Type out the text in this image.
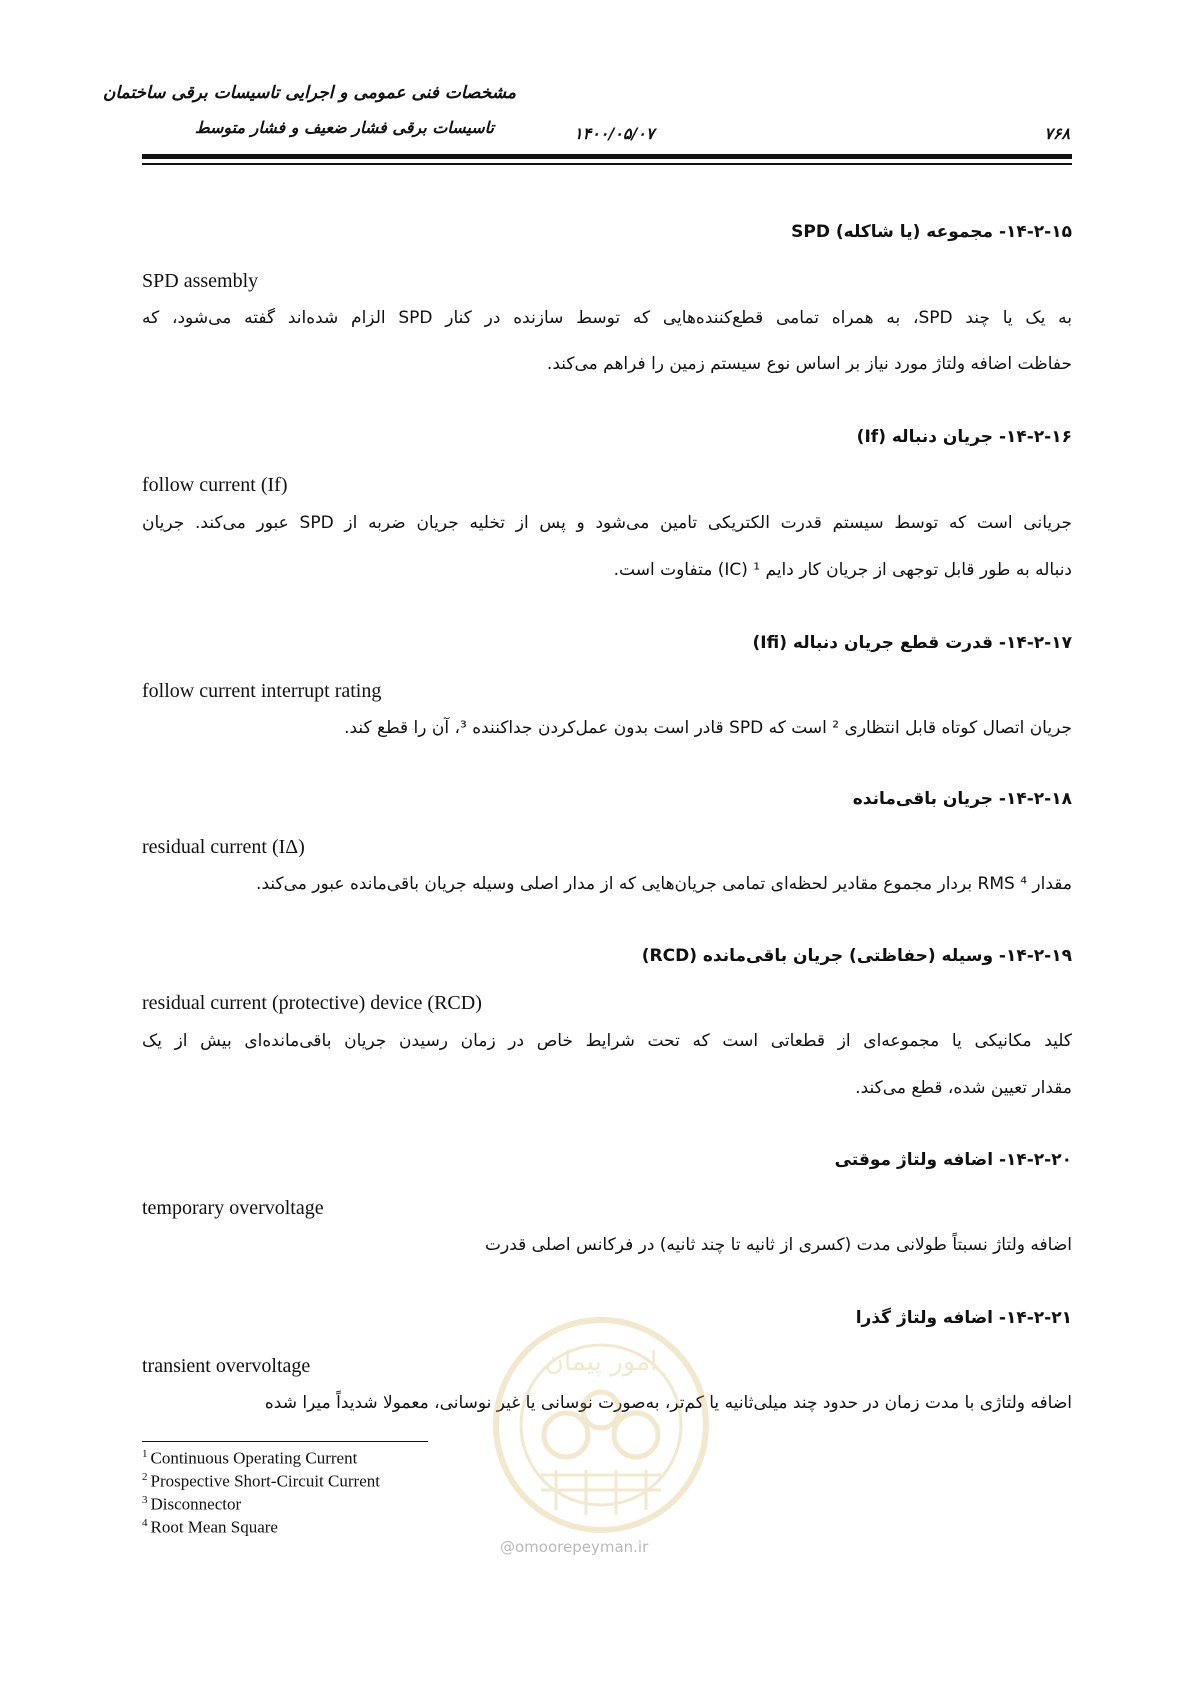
مشخصات فنی عمومی و اجرایی تاسیسات برقی ساختمان
تاسیسات برقی فشار ضعیف و فشار متوسط	۱۴۰۰/۰۵/۰۷	۷۶۸
۱۴-۲-۱۵- مجموعه (یا شاکله) SPD
SPD assembly
به یک یا چند SPD، به همراه تمامی قطع‌کننده‌هایی که توسط سازنده در کنار SPD الزام شده‌اند گفته می‌شود، که
حفاظت اضافه ولتاژ مورد نیاز بر اساس نوع سیستم زمین را فراهم می‌کند.
۱۴-۲-۱۶- جریان دنباله (If)
follow current (If)
جریانی است که توسط سیستم قدرت الکتریکی تامین می‌شود و پس از تخلیه جریان ضربه از SPD عبور می‌کند. جریان
دنباله به طور قابل توجهی از جریان کار دایم ¹ (IC) متفاوت است.
۱۴-۲-۱۷- قدرت قطع جریان دنباله (Ifi)
follow current interrupt rating
جریان اتصال کوتاه قابل انتظاری ² است که SPD قادر است بدون عمل‌کردن جداکننده ³، آن را قطع کند.
۱۴-۲-۱۸- جریان باقی‌مانده
residual current (IΔ)
مقدار RMS ⁴ بردار مجموع مقادیر لحظه‌ای تمامی جریان‌هایی که از مدار اصلی وسیله جریان باقی‌مانده عبور می‌کند.
۱۴-۲-۱۹- وسیله (حفاظتی) جریان باقی‌مانده (RCD)
residual current (protective) device (RCD)
کلید مکانیکی یا مجموعه‌ای از قطعاتی است که تحت شرایط خاص در زمان رسیدن جریان باقی‌مانده‌ای بیش از یک
مقدار تعیین شده، قطع می‌کند.
۱۴-۲-۲۰- اضافه ولتاژ موقتی
temporary overvoltage
اضافه ولتاژ نسبتاً طولانی مدت (کسری از ثانیه تا چند ثانیه) در فرکانس اصلی قدرت
۱۴-۲-۲۱- اضافه ولتاژ گذرا
transient overvoltage
اضافه ولتاژی با مدت زمان در حدود چند میلی‌ثانیه یا کم‌تر، به‌صورت نوسانی یا غیر نوسانی، معمولا شدیداً میرا شده
امور پیمان
@omoorepeyman.ir
$^1$ Continuous Operating Current
$^2$ Prospective Short-Circuit Current
$^3$ Disconnector
$^4$ Root Mean Square
